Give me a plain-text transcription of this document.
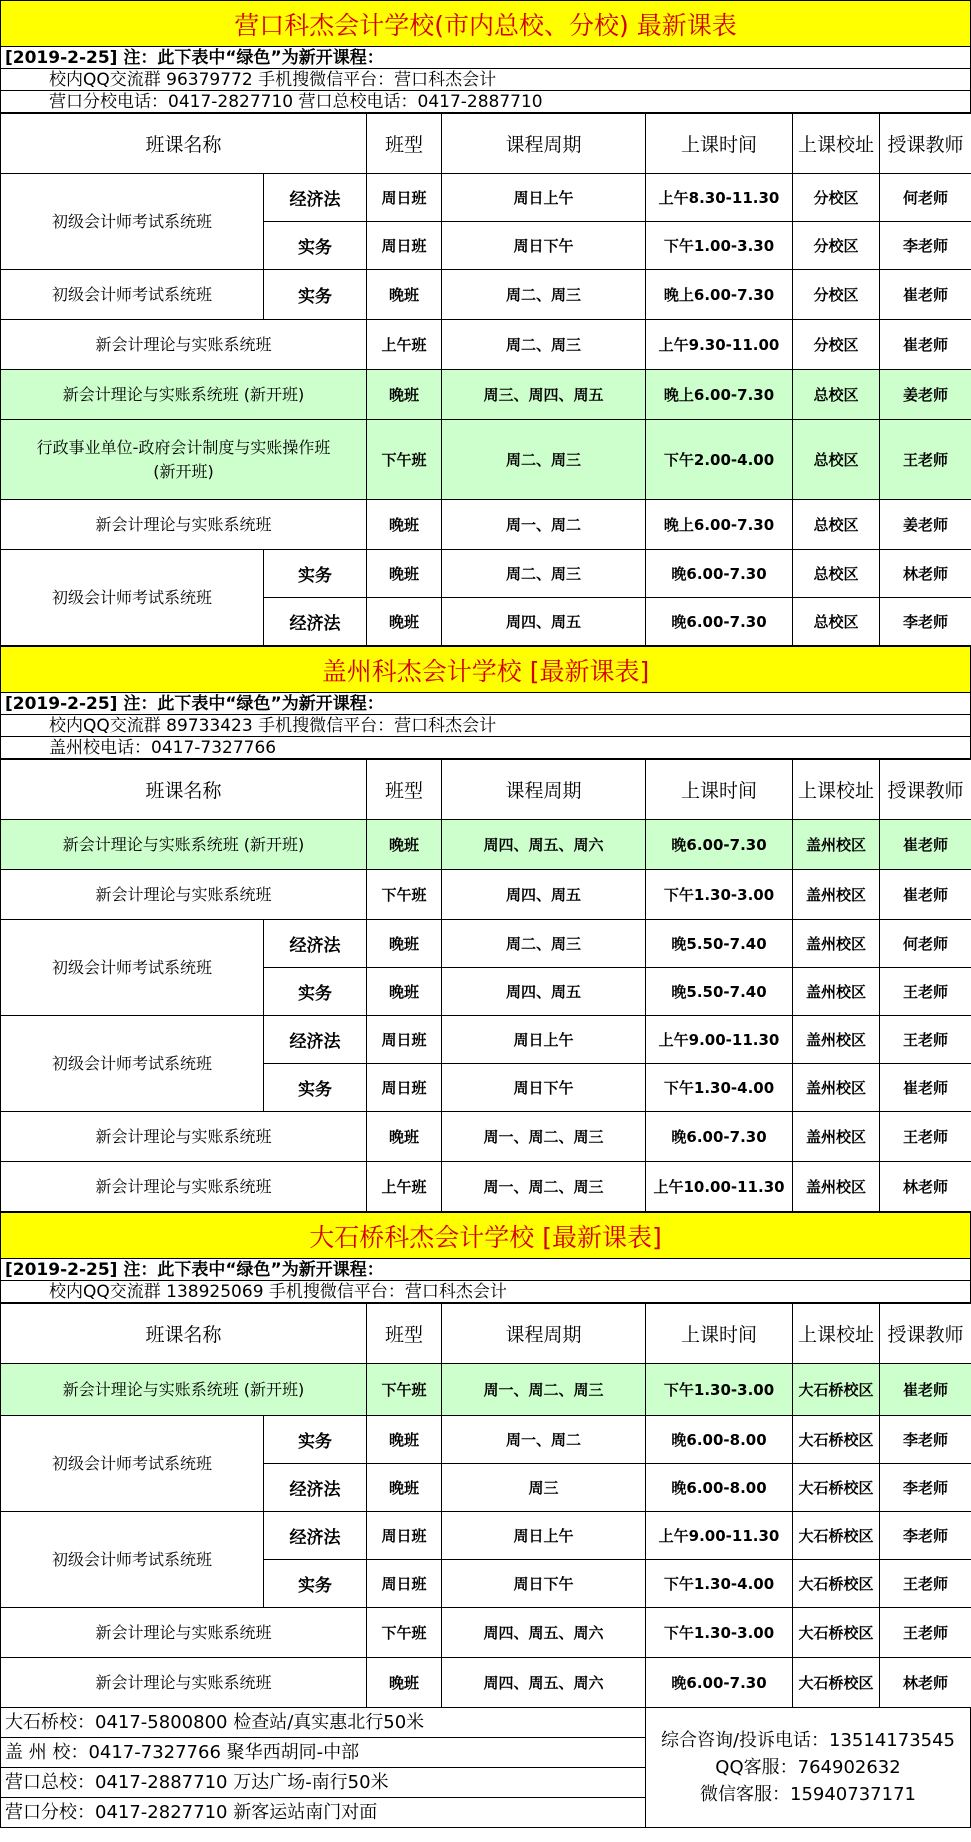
营口科杰会计学校(市内总校、分校) 最新课表
[2019-2-25] 注：此下表中“绿色”为新开课程：
校内QQ交流群 96379772 手机搜微信平台：营口科杰会计
营口分校电话：0417-2827710 营口总校电话：0417-2887710
班课名称		班型	课程周期	上课时间	上课校址	授课教师
初级会计师考试系统班	经济法	周日班	周日上午	上午8.30-11.30	分校区	何老师
	实务	周日班	周日下午	下午1.00-3.30	分校区	李老师
初级会计师考试系统班	实务	晚班	周二、周三	晚上6.00-7.30	分校区	崔老师
新会计理论与实账系统班		上午班	周二、周三	上午9.30-11.00	分校区	崔老师
新会计理论与实账系统班 (新开班)		晚班	周三、周四、周五	晚上6.00-7.30	总校区	姜老师

行政事业单位-政府会计制度与实账操作班
(新开班)		下午班	周二、周三	下午2.00-4.00	总校区	王老师
新会计理论与实账系统班		晚班	周一、周二	晚上6.00-7.30	总校区	姜老师
初级会计师考试系统班	实务	晚班	周二、周三	晚6.00-7.30	总校区	林老师
	经济法	晚班	周四、周五	晚6.00-7.30	总校区	李老师
盖州科杰会计学校 [最新课表]
[2019-2-25] 注：此下表中“绿色”为新开课程：
校内QQ交流群 89733423 手机搜微信平台：营口科杰会计
盖州校电话：0417-7327766
班课名称		班型	课程周期	上课时间	上课校址	授课教师
新会计理论与实账系统班 (新开班)		晚班	周四、周五、周六	晚6.00-7.30	盖州校区	崔老师
新会计理论与实账系统班		下午班	周四、周五	下午1.30-3.00	盖州校区	崔老师
初级会计师考试系统班	经济法	晚班	周二、周三	晚5.50-7.40	盖州校区	何老师
	实务	晚班	周四、周五	晚5.50-7.40	盖州校区	王老师
初级会计师考试系统班	经济法	周日班	周日上午	上午9.00-11.30	盖州校区	王老师
	实务	周日班	周日下午	下午1.30-4.00	盖州校区	崔老师
新会计理论与实账系统班		晚班	周一、周二、周三	晚6.00-7.30	盖州校区	王老师
新会计理论与实账系统班		上午班	周一、周二、周三	上午10.00-11.30	盖州校区	林老师
大石桥科杰会计学校 [最新课表]
[2019-2-25] 注：此下表中“绿色”为新开课程：
校内QQ交流群 138925069 手机搜微信平台：营口科杰会计
班课名称		班型	课程周期	上课时间	上课校址	授课教师
新会计理论与实账系统班 (新开班)		下午班	周一、周二、周三	下午1.30-3.00	大石桥校区	崔老师
初级会计师考试系统班	实务	晚班	周一、周二	晚6.00-8.00	大石桥校区	李老师
	经济法	晚班	周三	晚6.00-8.00	大石桥校区	李老师
初级会计师考试系统班	经济法	周日班	周日上午	上午9.00-11.30	大石桥校区	李老师
	实务	周日班	周日下午	下午1.30-4.00	大石桥校区	王老师
新会计理论与实账系统班		下午班	周四、周五、周六	下午1.30-3.00	大石桥校区	王老师
新会计理论与实账系统班		晚班	周四、周五、周六	晚6.00-7.30	大石桥校区	林老师
大石桥校：0417-5800800 检查站/真实惠北行50米
盖 州 校：0417-7327766 聚华西胡同-中部
营口总校：0417-2887710 万达广场-南行50米
营口分校：0417-2827710 新客运站南门对面
综合咨询/投诉电话：13514173545
QQ客服：764902632
微信客服：15940737171
